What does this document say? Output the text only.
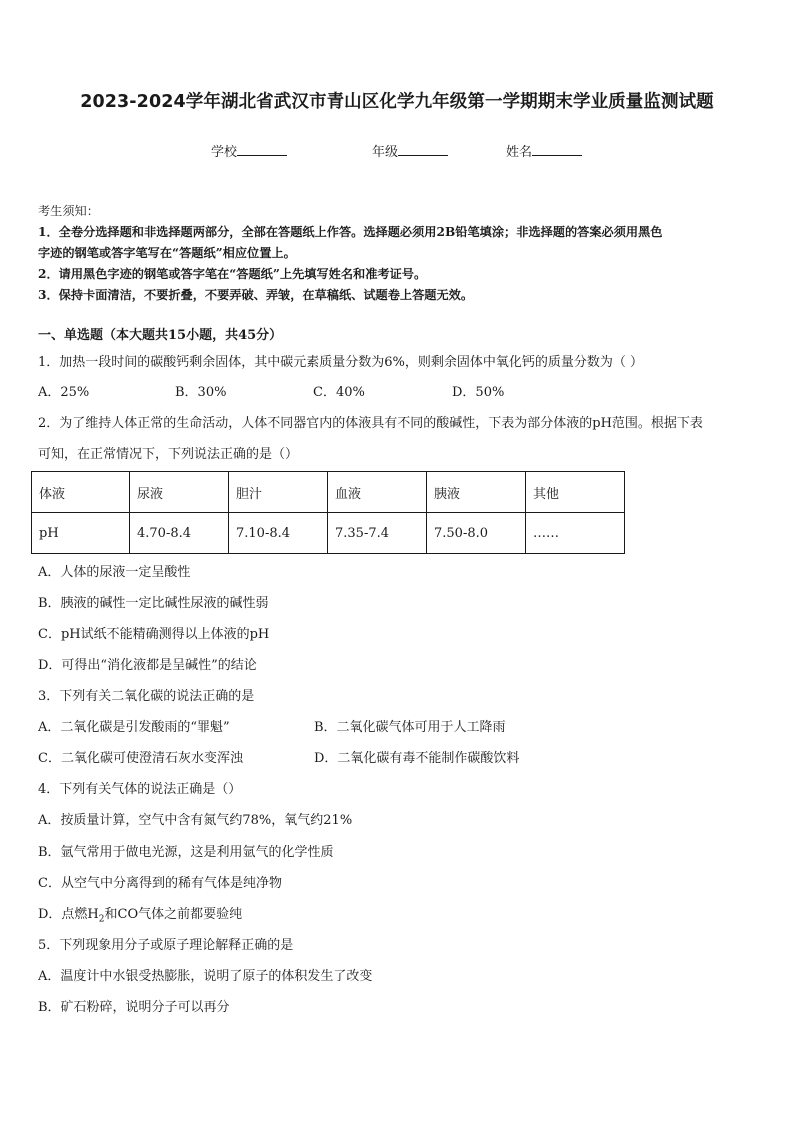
2023-2024学年湖北省武汉市青山区化学九年级第一学期期末学业质量监测试题
学校	年级	姓名
考生须知：
1．全卷分选择题和非选择题两部分，全部在答题纸上作答。选择题必须用2B铅笔填涂；非选择题的答案必须用黑色
字迹的钢笔或答字笔写在“答题纸”相应位置上。
2．请用黑色字迹的钢笔或答字笔在“答题纸”上先填写姓名和准考证号。
3．保持卡面清洁，不要折叠，不要弄破、弄皱，在草稿纸、试题卷上答题无效。
一、单选题（本大题共15小题，共45分）
1．加热一段时间的碳酸钙剩余固体，其中碳元素质量分数为6%，则剩余固体中氧化钙的质量分数为（ ）
A．25%	B．30%	C．40%	D．50%
2．为了维持人体正常的生命活动，人体不同器官内的体液具有不同的酸碱性，下表为部分体液的pH范围。根据下表
可知，在正常情况下，下列说法正确的是（）
体液	尿液	胆汁	血液	胰液	其他
pH	4.70-8.4	7.10-8.4	7.35-7.4	7.50-8.0	……
A．人体的尿液一定呈酸性
B．胰液的碱性一定比碱性尿液的碱性弱
C．pH试纸不能精确测得以上体液的pH
D．可得出“消化液都是呈碱性”的结论
3．下列有关二氧化碳的说法正确的是
A．二氧化碳是引发酸雨的“罪魁”	B．二氧化碳气体可用于人工降雨
C．二氧化碳可使澄清石灰水变浑浊	D．二氧化碳有毒不能制作碳酸饮料
4．下列有关气体的说法正确是（）
A．按质量计算，空气中含有氮气约78%，氧气约21%
B．氩气常用于做电光源，这是利用氩气的化学性质
C．从空气中分离得到的稀有气体是纯净物
D．点燃$H_2$和CO气体之前都要验纯
5．下列现象用分子或原子理论解释正确的是
A．温度计中水银受热膨胀，说明了原子的体积发生了改变
B．矿石粉碎，说明分子可以再分
